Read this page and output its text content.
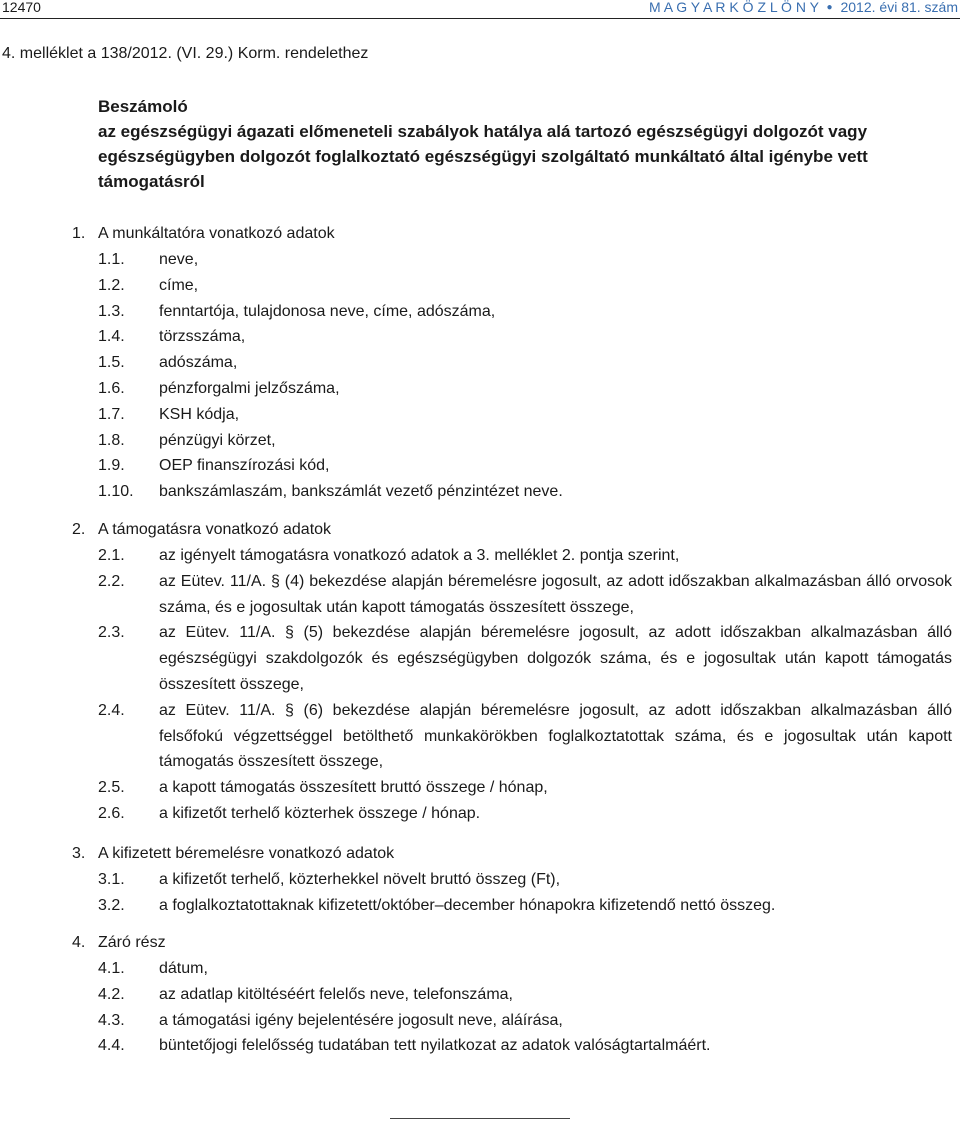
12470	M A G Y A R K Ö Z L Ö N Y ● 2012. évi 81. szám
4. melléklet a 138/2012. (VI. 29.) Korm. rendelethez
Beszámoló
az egészségügyi ágazati előmeneteli szabályok hatálya alá tartozó egészségügyi dolgozót vagy egészségügyben dolgozót foglalkoztató egészségügyi szolgáltató munkáltató által igénybe vett támogatásról
1. A munkáltatóra vonatkozó adatok
1.1.	neve,
1.2.	címe,
1.3.	fenntartója, tulajdonosa neve, címe, adószáma,
1.4.	törzsszáma,
1.5.	adószáma,
1.6.	pénzforgalmi jelzőszáma,
1.7.	KSH kódja,
1.8.	pénzügyi körzet,
1.9.	OEP finanszírozási kód,
1.10.	bankszámlaszám, bankszámlát vezető pénzintézet neve.
2. A támogatásra vonatkozó adatok
2.1.	az igényelt támogatásra vonatkozó adatok a 3. melléklet 2. pontja szerint,
2.2.	az Eütev. 11/A. § (4) bekezdése alapján béremelésre jogosult, az adott időszakban alkalmazásban álló orvosok száma, és e jogosultak után kapott támogatás összesített összege,
2.3.	az Eütev. 11/A. § (5) bekezdése alapján béremelésre jogosult, az adott időszakban alkalmazásban álló egészségügyi szakdolgozók és egészségügyben dolgozók száma, és e jogosultak után kapott támogatás összesített összege,
2.4.	az Eütev. 11/A. § (6) bekezdése alapján béremelésre jogosult, az adott időszakban alkalmazásban álló felsőfokú végzettséggel betölthető munkakörökben foglalkoztatottak száma, és e jogosultak után kapott támogatás összesített összege,
2.5.	a kapott támogatás összesített bruttó összege / hónap,
2.6.	a kifizetőt terhelő közterhek összege / hónap.
3. A kifizetett béremelésre vonatkozó adatok
3.1.	a kifizetőt terhelő, közterhekkel növelt bruttó összeg (Ft),
3.2.	a foglalkoztatottaknak kifizetett/október–december hónapokra kifizetendő nettó összeg.
4. Záró rész
4.1.	dátum,
4.2.	az adatlap kitöltéséért felelős neve, telefonszáma,
4.3.	a támogatási igény bejelentésére jogosult neve, aláírása,
4.4.	büntetőjogi felelősség tudatában tett nyilatkozat az adatok valóságtartalmáért.
